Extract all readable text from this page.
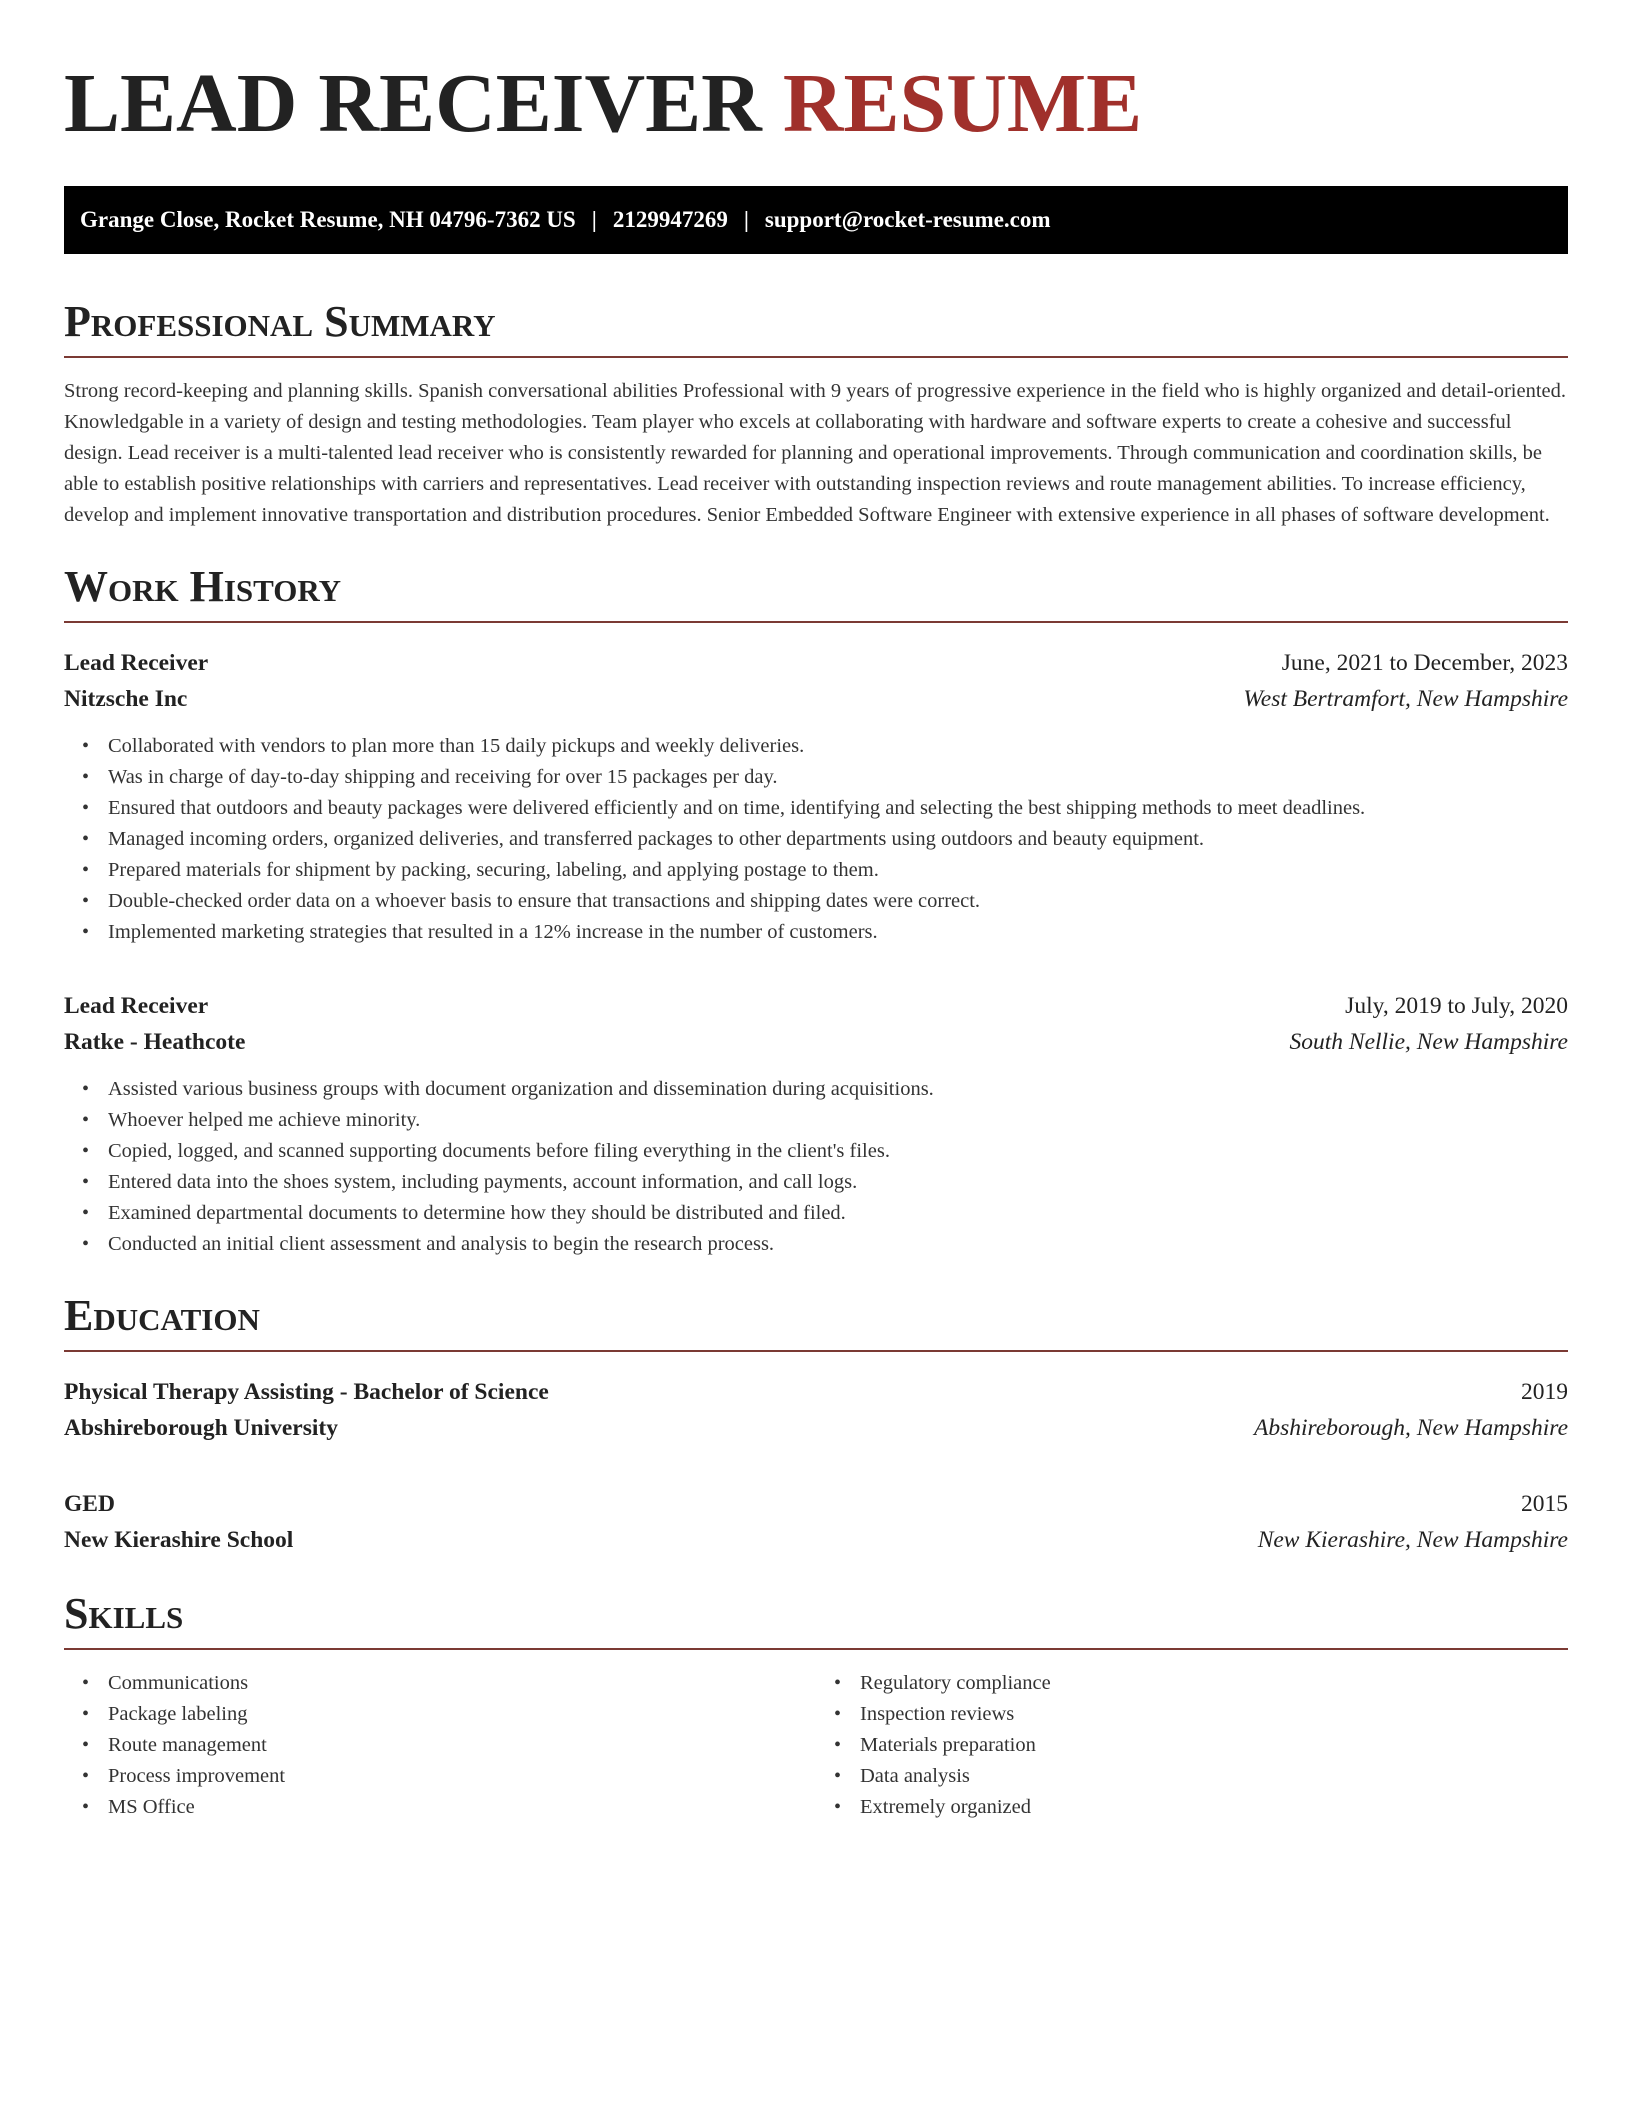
LEAD RECEIVER RESUME
Grange Close, Rocket Resume, NH 04796-7362 US | 2129947269 | support@rocket-resume.com
Professional Summary
Strong record-keeping and planning skills. Spanish conversational abilities Professional with 9 years of progressive experience in the field who is highly organized and detail-oriented. Knowledgable in a variety of design and testing methodologies. Team player who excels at collaborating with hardware and software experts to create a cohesive and successful design. Lead receiver is a multi-talented lead receiver who is consistently rewarded for planning and operational improvements. Through communication and coordination skills, be able to establish positive relationships with carriers and representatives. Lead receiver with outstanding inspection reviews and route management abilities. To increase efficiency, develop and implement innovative transportation and distribution procedures. Senior Embedded Software Engineer with extensive experience in all phases of software development.
Work History
Lead Receiver	June, 2021 to December, 2023
Nitzsche Inc	West Bertramfort, New Hampshire
• Collaborated with vendors to plan more than 15 daily pickups and weekly deliveries.
• Was in charge of day-to-day shipping and receiving for over 15 packages per day.
• Ensured that outdoors and beauty packages were delivered efficiently and on time, identifying and selecting the best shipping methods to meet deadlines.
• Managed incoming orders, organized deliveries, and transferred packages to other departments using outdoors and beauty equipment.
• Prepared materials for shipment by packing, securing, labeling, and applying postage to them.
• Double-checked order data on a whoever basis to ensure that transactions and shipping dates were correct.
• Implemented marketing strategies that resulted in a 12% increase in the number of customers.
Lead Receiver	July, 2019 to July, 2020
Ratke - Heathcote	South Nellie, New Hampshire
• Assisted various business groups with document organization and dissemination during acquisitions.
• Whoever helped me achieve minority.
• Copied, logged, and scanned supporting documents before filing everything in the client's files.
• Entered data into the shoes system, including payments, account information, and call logs.
• Examined departmental documents to determine how they should be distributed and filed.
• Conducted an initial client assessment and analysis to begin the research process.
Education
Physical Therapy Assisting - Bachelor of Science	2019
Abshireborough University	Abshireborough, New Hampshire
GED	2015
New Kierashire School	New Kierashire, New Hampshire
Skills
• Communications
• Package labeling
• Route management
• Process improvement
• MS Office
• Regulatory compliance
• Inspection reviews
• Materials preparation
• Data analysis
• Extremely organized
